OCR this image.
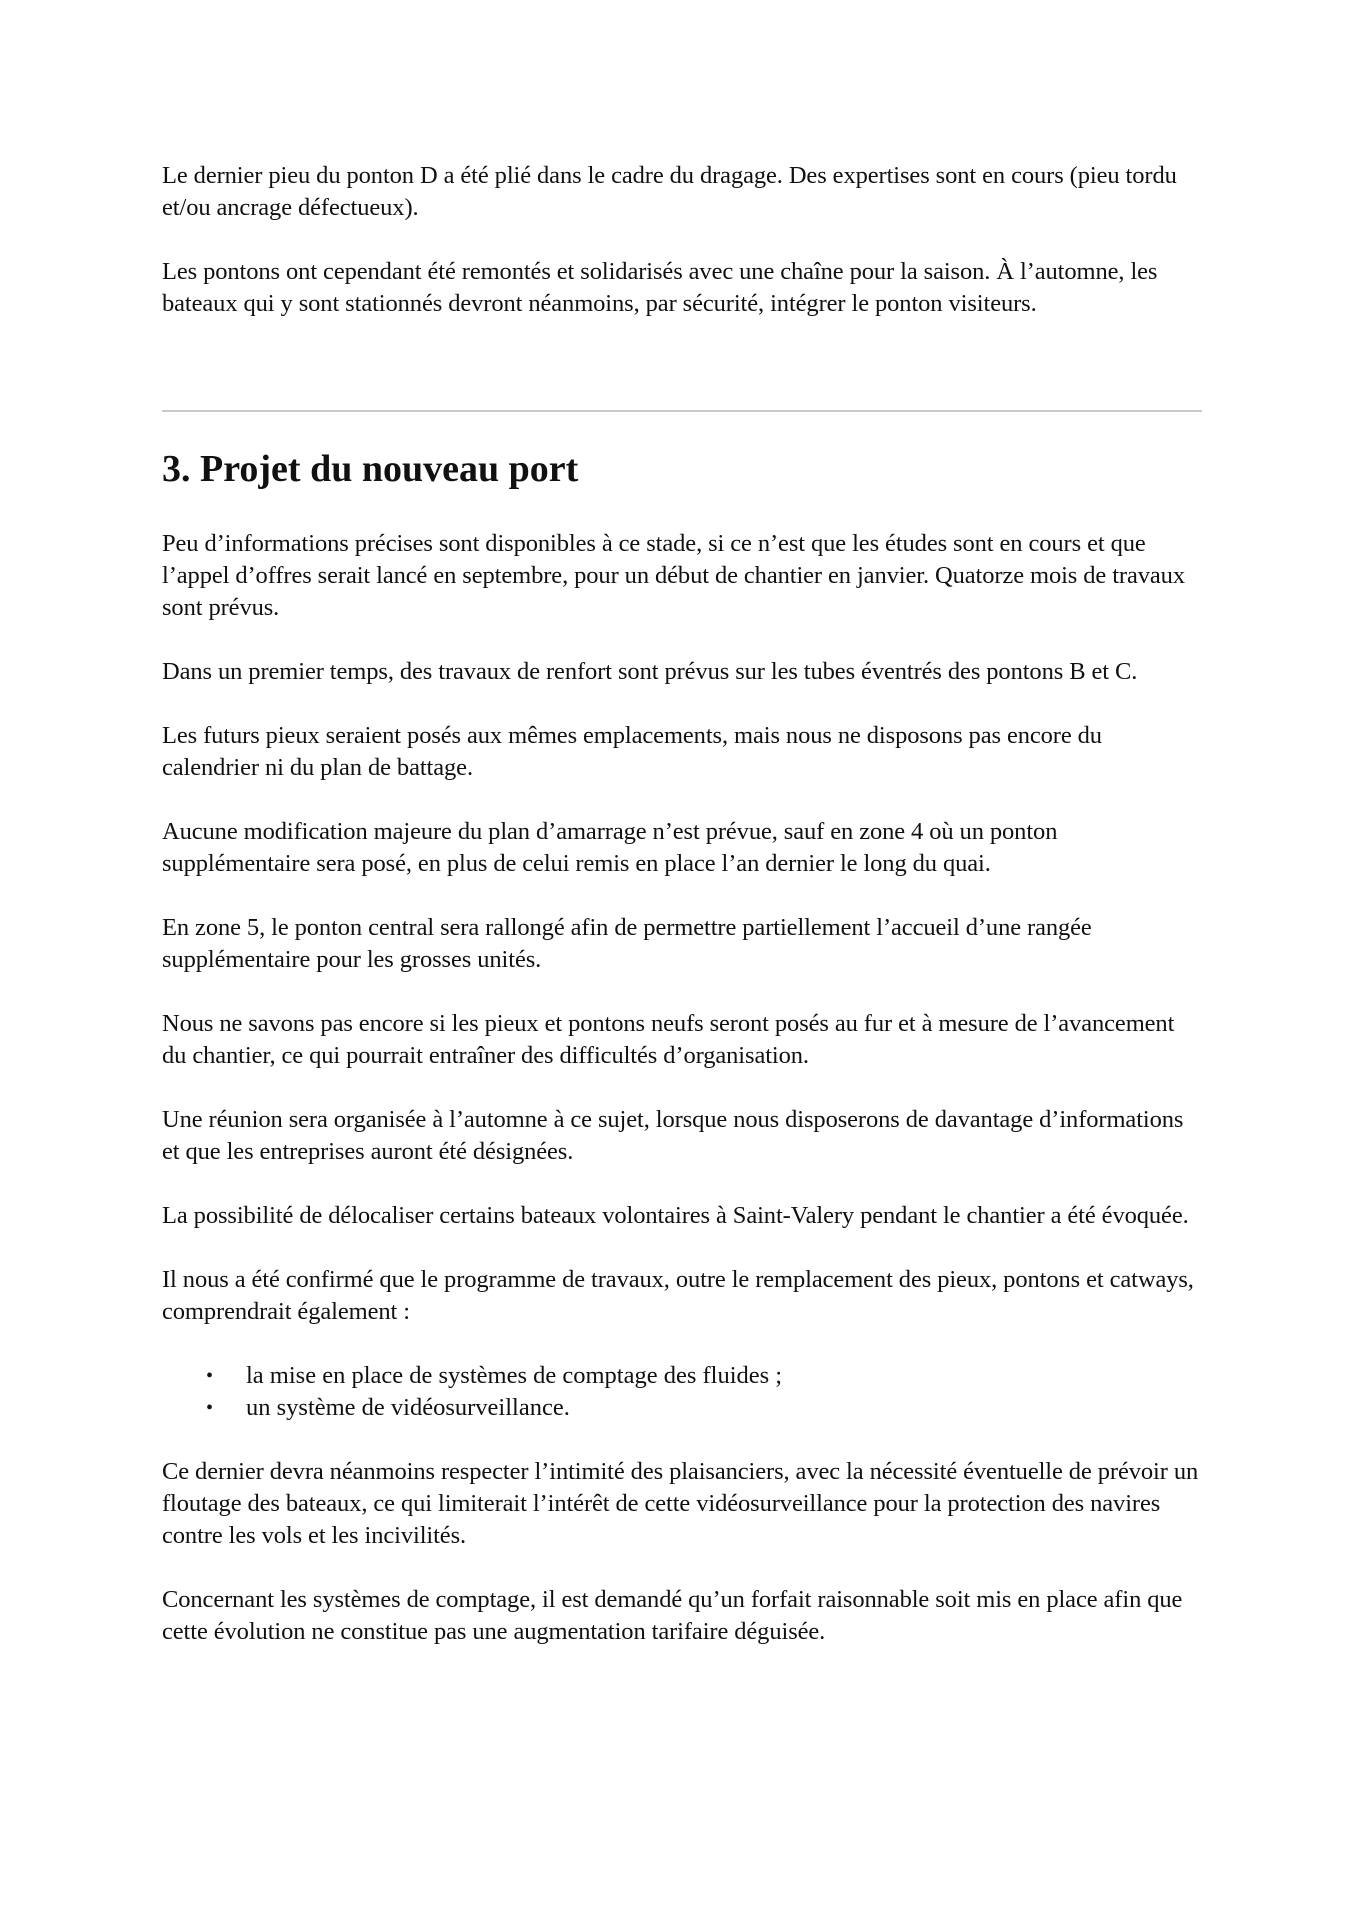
Le dernier pieu du ponton D a été plié dans le cadre du dragage. Des expertises sont en cours (pieu tordu et/ou ancrage défectueux).

Les pontons ont cependant été remontés et solidarisés avec une chaîne pour la saison. À l’automne, les bateaux qui y sont stationnés devront néanmoins, par sécurité, intégrer le ponton visiteurs.

3. Projet du nouveau port

Peu d’informations précises sont disponibles à ce stade, si ce n’est que les études sont en cours et que l’appel d’offres serait lancé en septembre, pour un début de chantier en janvier. Quatorze mois de travaux sont prévus.

Dans un premier temps, des travaux de renfort sont prévus sur les tubes éventrés des pontons B et C.

Les futurs pieux seraient posés aux mêmes emplacements, mais nous ne disposons pas encore du calendrier ni du plan de battage.

Aucune modification majeure du plan d’amarrage n’est prévue, sauf en zone 4 où un ponton supplémentaire sera posé, en plus de celui remis en place l’an dernier le long du quai.

En zone 5, le ponton central sera rallongé afin de permettre partiellement l’accueil d’une rangée supplémentaire pour les grosses unités.

Nous ne savons pas encore si les pieux et pontons neufs seront posés au fur et à mesure de l’avancement du chantier, ce qui pourrait entraîner des difficultés d’organisation.

Une réunion sera organisée à l’automne à ce sujet, lorsque nous disposerons de davantage d’informations et que les entreprises auront été désignées.

La possibilité de délocaliser certains bateaux volontaires à Saint-Valery pendant le chantier a été évoquée.

Il nous a été confirmé que le programme de travaux, outre le remplacement des pieux, pontons et catways, comprendrait également :

• la mise en place de systèmes de comptage des fluides ;
• un système de vidéosurveillance.

Ce dernier devra néanmoins respecter l’intimité des plaisanciers, avec la nécessité éventuelle de prévoir un floutage des bateaux, ce qui limiterait l’intérêt de cette vidéosurveillance pour la protection des navires contre les vols et les incivilités.

Concernant les systèmes de comptage, il est demandé qu’un forfait raisonnable soit mis en place afin que cette évolution ne constitue pas une augmentation tarifaire déguisée.
